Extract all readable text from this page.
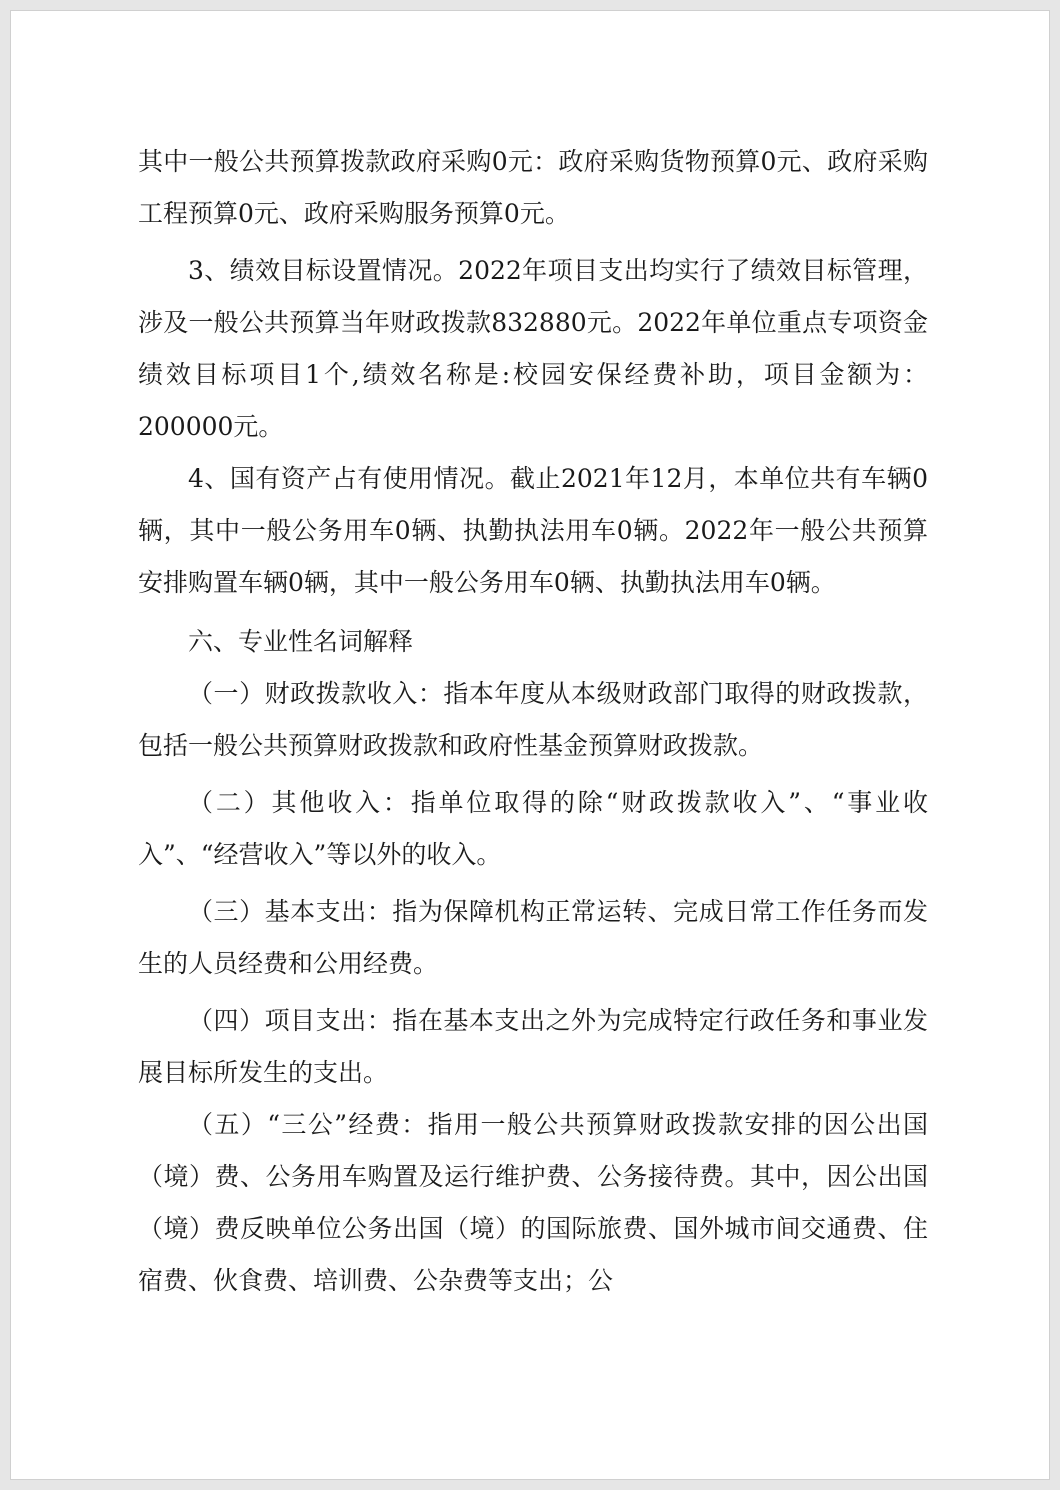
其中一般公共预算拨款政府采购0元：政府采购货物预算0元、政府采购工程预算0元、政府采购服务预算0元。

3、绩效目标设置情况。2022年项目支出均实行了绩效目标管理，涉及一般公共预算当年财政拨款832880元。2022年单位重点专项资金绩效目标项目1个,绩效名称是:校园安保经费补助，项目金额为：200000元。

4、国有资产占有使用情况。截止2021年12月，本单位共有车辆0辆，其中一般公务用车0辆、执勤执法用车0辆。2022年一般公共预算安排购置车辆0辆，其中一般公务用车0辆、执勤执法用车0辆。

六、专业性名词解释

（一）财政拨款收入：指本年度从本级财政部门取得的财政拨款，包括一般公共预算财政拨款和政府性基金预算财政拨款。

（二）其他收入：指单位取得的除“财政拨款收入”、“事业收入”、“经营收入”等以外的收入。

（三）基本支出：指为保障机构正常运转、完成日常工作任务而发生的人员经费和公用经费。

（四）项目支出：指在基本支出之外为完成特定行政任务和事业发展目标所发生的支出。

（五）“三公”经费：指用一般公共预算财政拨款安排的因公出国（境）费、公务用车购置及运行维护费、公务接待费。其中，因公出国（境）费反映单位公务出国（境）的国际旅费、国外城市间交通费、住宿费、伙食费、培训费、公杂费等支出；公
